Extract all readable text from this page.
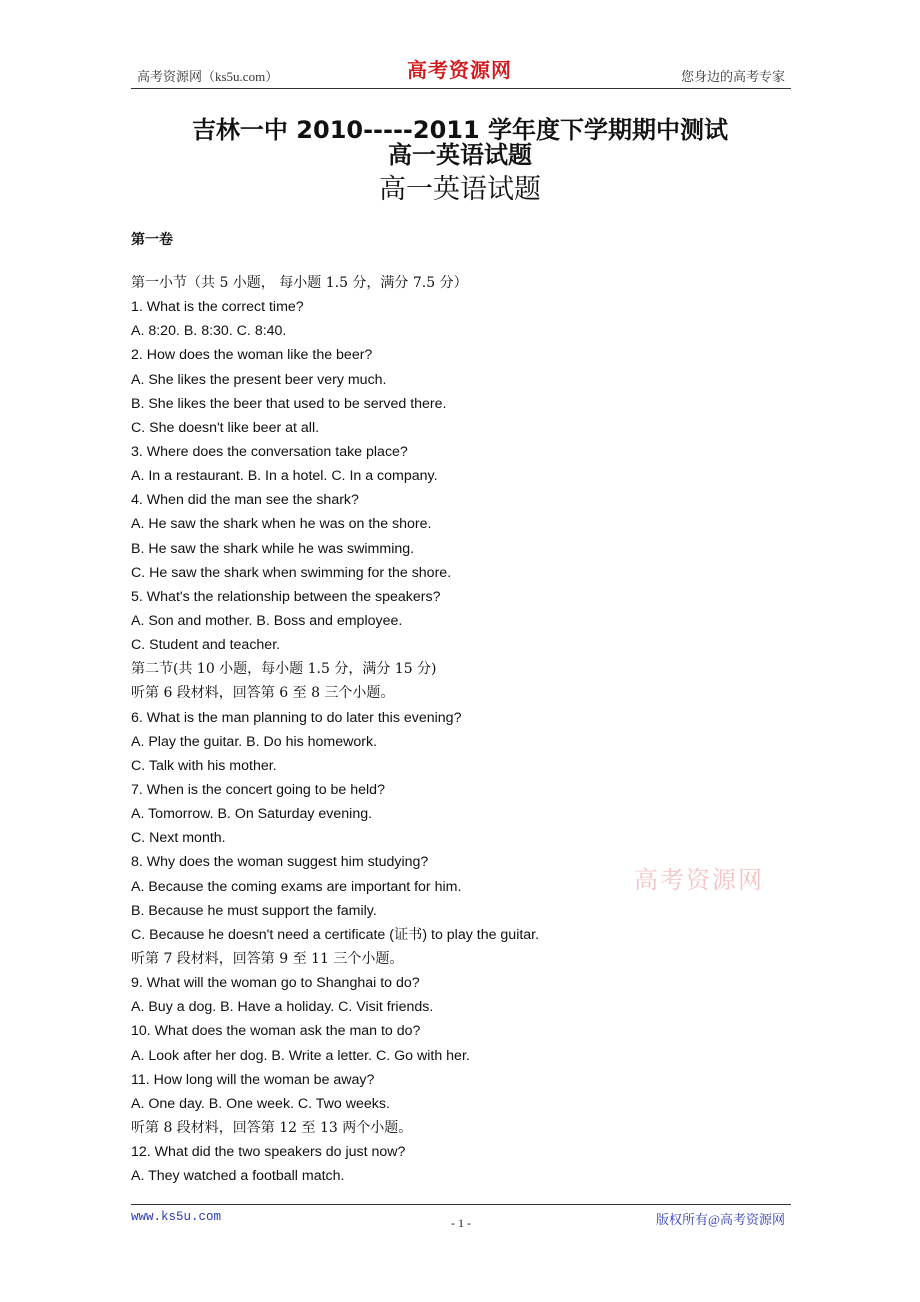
高考资源网（ks5u.com）	高考资源网	您身边的高考专家
吉林一中 2010-----2011 学年度下学期期中测试
高一英语试题
高一英语试题
第一卷
第一小节（共 5 小题， 每小题 1.5 分，满分 7.5 分）
1. What is the correct time?
A. 8:20. B. 8:30. C. 8:40.
2. How does the woman like the beer?
A. She likes the present beer very much.
B. She likes the beer that used to be served there.
C. She doesn't like beer at all.
3. Where does the conversation take place?
A. In a restaurant. B. In a hotel. C. In a company.
4. When did the man see the shark?
A. He saw the shark when he was on the shore.
B. He saw the shark while he was swimming.
C. He saw the shark when swimming for the shore.
5. What's the relationship between the speakers?
A. Son and mother. B. Boss and employee.
C. Student and teacher.
第二节(共 10 小题，每小题 1.5 分，满分 15 分)
听第 6 段材料，回答第 6 至 8 三个小题。
6. What is the man planning to do later this evening?
A. Play the guitar. B. Do his homework.
C. Talk with his mother.
7. When is the concert going to be held?
A. Tomorrow. B. On Saturday evening.
C. Next month.
8. Why does the woman suggest him studying?
A. Because the coming exams are important for him.
B. Because he must support the family.
C. Because he doesn't need a certificate (证书) to play the guitar.
听第 7 段材料，回答第 9 至 11 三个小题。
9. What will the woman go to Shanghai to do?
A. Buy a dog. B. Have a holiday. C. Visit friends.
10. What does the woman ask the man to do?
A. Look after her dog. B. Write a letter. C. Go with her.
11. How long will the woman be away?
A. One day. B. One week. C. Two weeks.
听第 8 段材料，回答第 12 至 13 两个小题。
12. What did the two speakers do just now?
A. They watched a football match.
高考资源网
www.ks5u.com	- 1 -	版权所有@高考资源网
